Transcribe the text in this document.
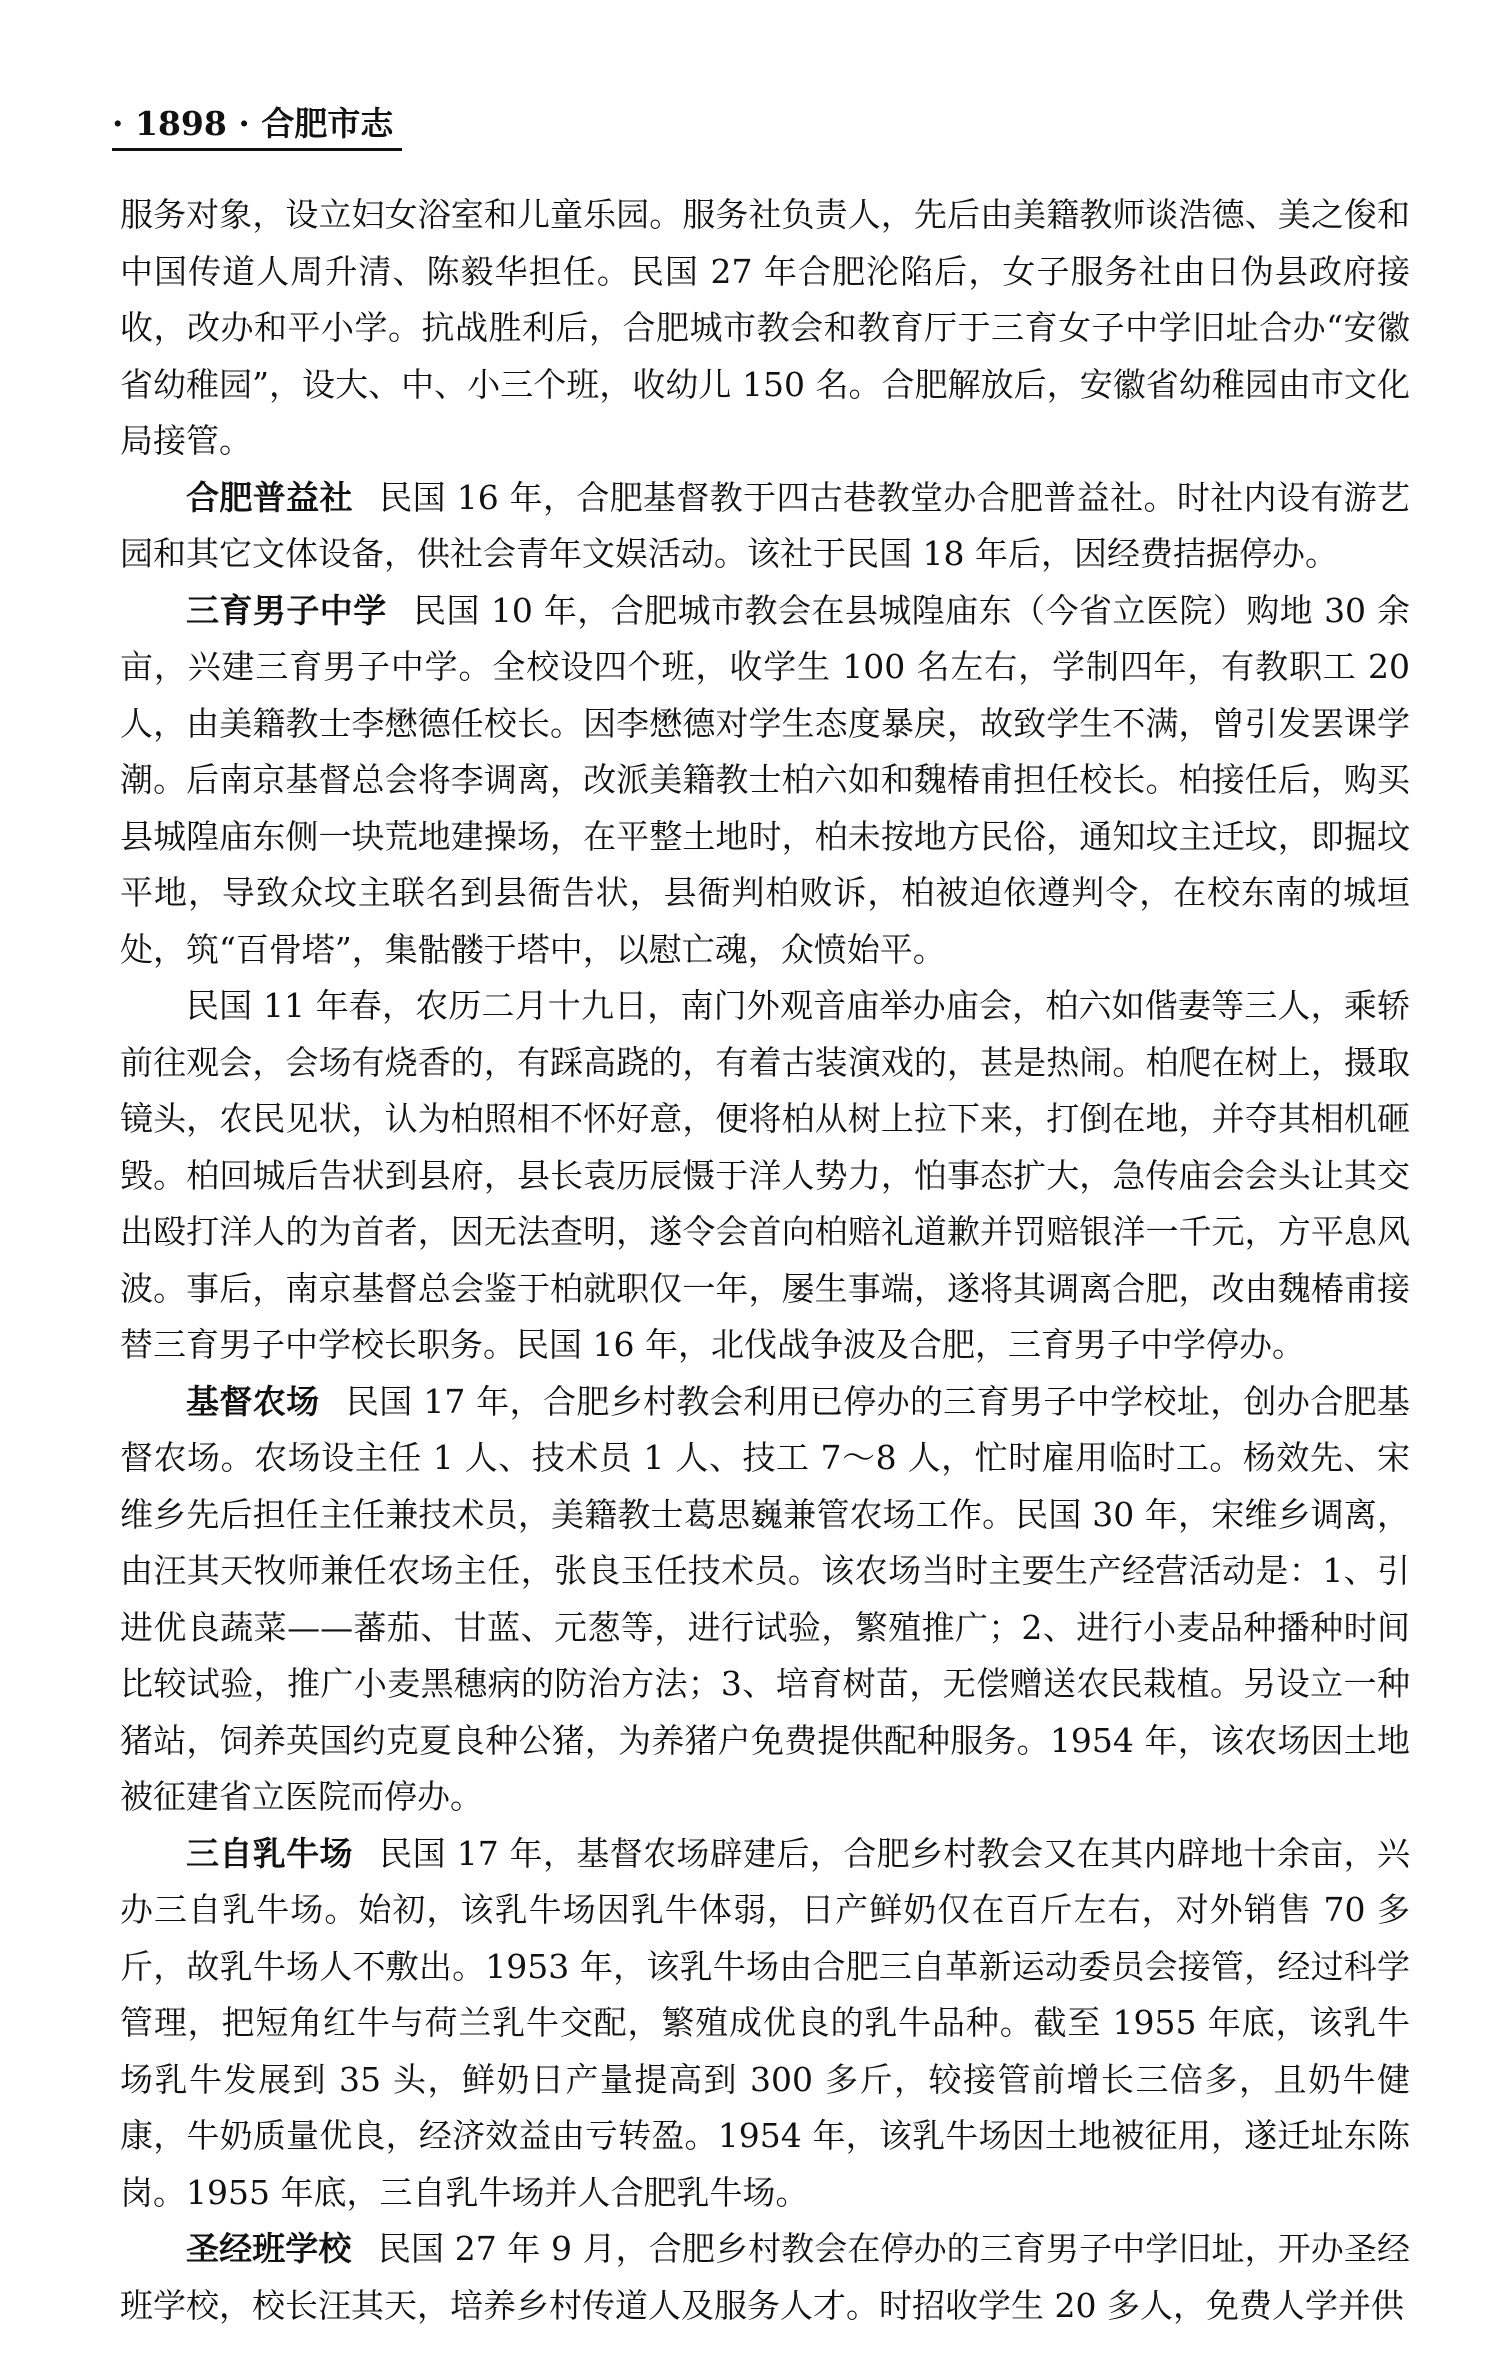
· 1898 · 合肥市志

服务对象，设立妇女浴室和儿童乐园。服务社负责人，先后由美籍教师谈浩德、美之俊和中国传道人周升清、陈毅华担任。民国 27 年合肥沦陷后，女子服务社由日伪县政府接收，改办和平小学。抗战胜利后，合肥城市教会和教育厅于三育女子中学旧址合办“安徽省幼稚园”，设大、中、小三个班，收幼儿 150 名。合肥解放后，安徽省幼稚园由市文化局接管。

合肥普益社 民国 16 年，合肥基督教于四古巷教堂办合肥普益社。时社内设有游艺园和其它文体设备，供社会青年文娱活动。该社于民国 18 年后，因经费拮据停办。

三育男子中学 民国 10 年，合肥城市教会在县城隍庙东（今省立医院）购地 30 余亩，兴建三育男子中学。全校设四个班，收学生 100 名左右，学制四年，有教职工 20 人，由美籍教士李懋德任校长。因李懋德对学生态度暴戾，故致学生不满，曾引发罢课学潮。后南京基督总会将李调离，改派美籍教士柏六如和魏椿甫担任校长。柏接任后，购买县城隍庙东侧一块荒地建操场，在平整土地时，柏未按地方民俗，通知坟主迁坟，即掘坟平地，导致众坟主联名到县衙告状，县衙判柏败诉，柏被迫依遵判令，在校东南的城垣处，筑“百骨塔”，集骷髅于塔中，以慰亡魂，众愤始平。

民国 11 年春，农历二月十九日，南门外观音庙举办庙会，柏六如偕妻等三人，乘轿前往观会，会场有烧香的，有踩高跷的，有着古装演戏的，甚是热闹。柏爬在树上，摄取镜头，农民见状，认为柏照相不怀好意，便将柏从树上拉下来，打倒在地，并夺其相机砸毁。柏回城后告状到县府，县长袁历辰慑于洋人势力，怕事态扩大，急传庙会会头让其交出殴打洋人的为首者，因无法查明，遂令会首向柏赔礼道歉并罚赔银洋一千元，方平息风波。事后，南京基督总会鉴于柏就职仅一年，屡生事端，遂将其调离合肥，改由魏椿甫接替三育男子中学校长职务。民国 16 年，北伐战争波及合肥，三育男子中学停办。

基督农场 民国 17 年，合肥乡村教会利用已停办的三育男子中学校址，创办合肥基督农场。农场设主任 1 人、技术员 1 人、技工 7～8 人，忙时雇用临时工。杨效先、宋维乡先后担任主任兼技术员，美籍教士葛思巍兼管农场工作。民国 30 年，宋维乡调离，由汪其天牧师兼任农场主任，张良玉任技术员。该农场当时主要生产经营活动是：1、引进优良蔬菜——蕃茄、甘蓝、元葱等，进行试验，繁殖推广；2、进行小麦品种播种时间比较试验，推广小麦黑穗病的防治方法；3、培育树苗，无偿赠送农民栽植。另设立一种猪站，饲养英国约克夏良种公猪，为养猪户免费提供配种服务。1954 年，该农场因土地被征建省立医院而停办。

三自乳牛场 民国 17 年，基督农场辟建后，合肥乡村教会又在其内辟地十余亩，兴办三自乳牛场。始初，该乳牛场因乳牛体弱，日产鲜奶仅在百斤左右，对外销售 70 多斤，故乳牛场人不敷出。1953 年，该乳牛场由合肥三自革新运动委员会接管，经过科学管理，把短角红牛与荷兰乳牛交配，繁殖成优良的乳牛品种。截至 1955 年底，该乳牛场乳牛发展到 35 头，鲜奶日产量提高到 300 多斤，较接管前增长三倍多，且奶牛健康，牛奶质量优良，经济效益由亏转盈。1954 年，该乳牛场因土地被征用，遂迁址东陈岗。1955 年底，三自乳牛场并人合肥乳牛场。

圣经班学校 民国 27 年 9 月，合肥乡村教会在停办的三育男子中学旧址，开办圣经班学校，校长汪其天，培养乡村传道人及服务人才。时招收学生 20 多人，免费人学并供
